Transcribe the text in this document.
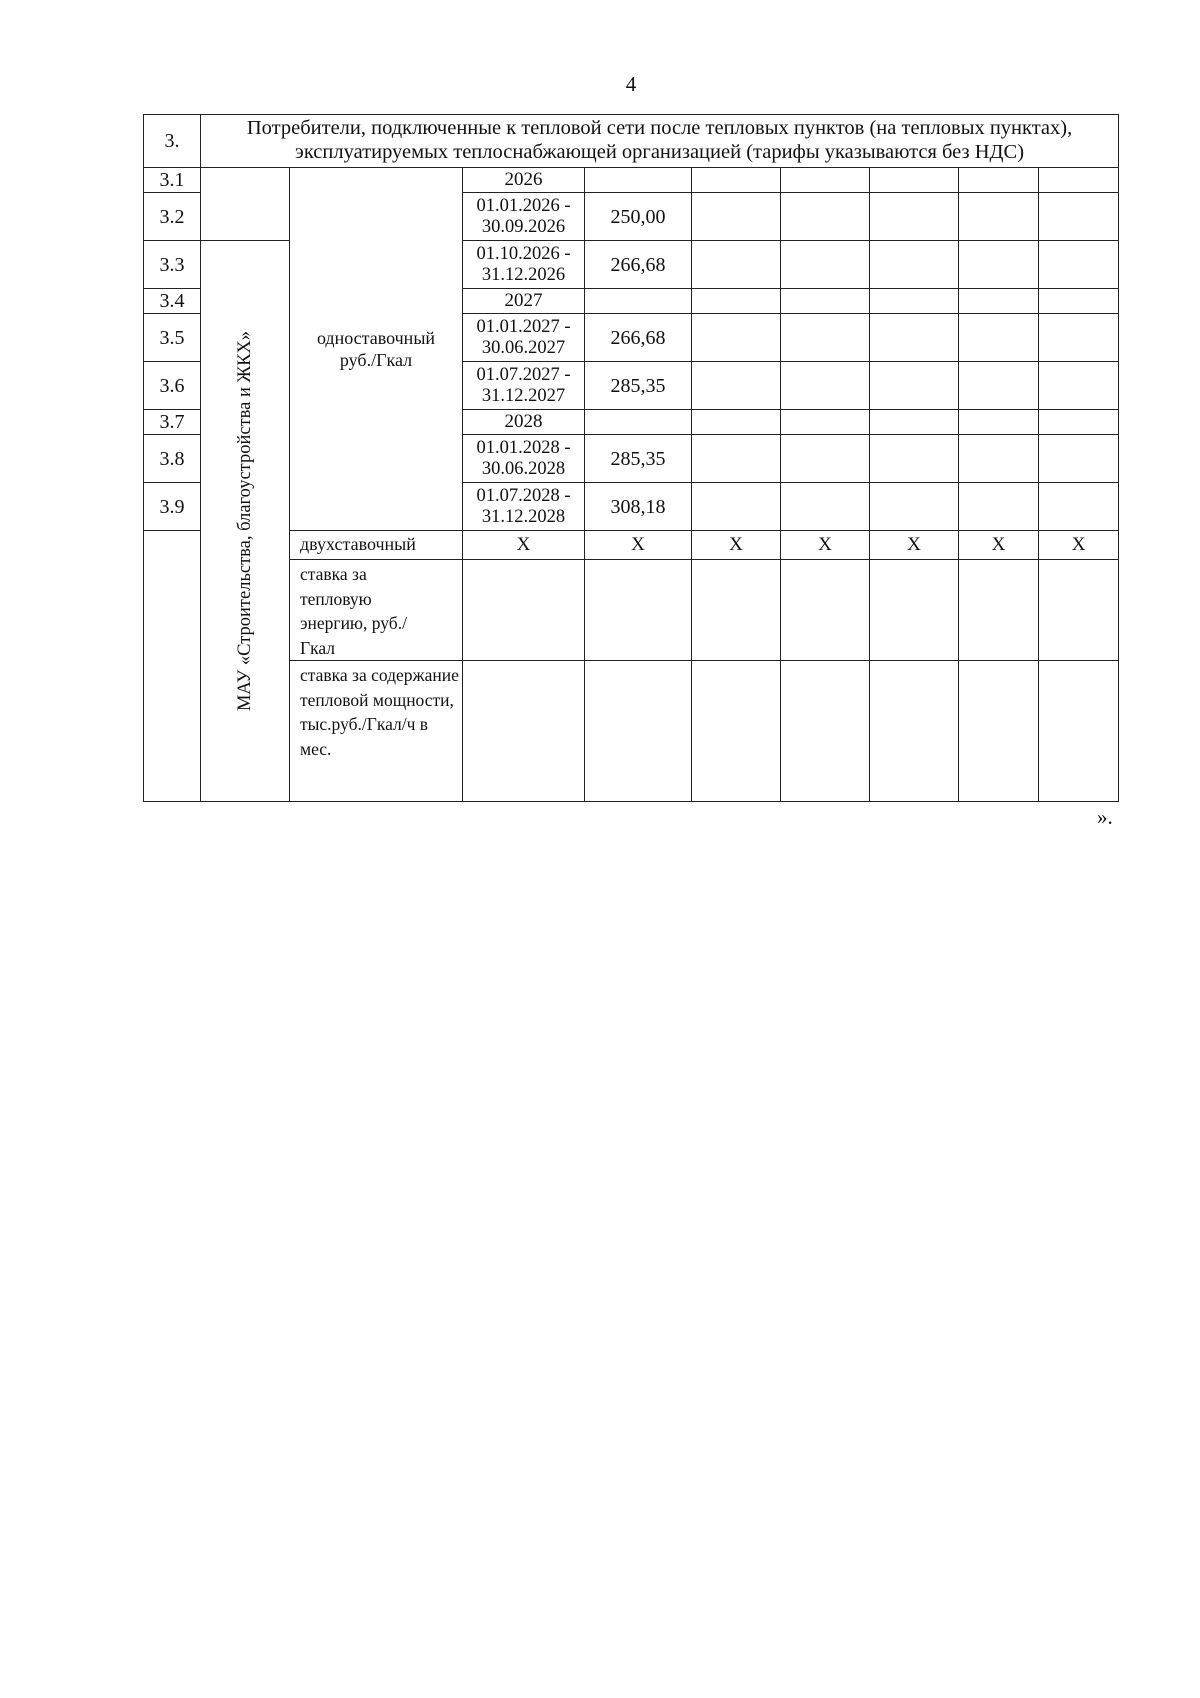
4
3.	Потребители, подключенные к тепловой сети после тепловых пунктов (на тепловых пунктах), эксплуатируемых теплоснабжающей организацией (тарифы указываются без НДС)								
3.1		одноставочный руб./Гкал	2026						
3.2			01.01.2026 - 30.09.2026	250,00					
3.3	МАУ «Строительства, благоустройства и ЖКХ»		01.10.2026 - 31.12.2026	266,68					
3.4			2027						
3.5			01.01.2027 - 30.06.2027	266,68					
3.6			01.07.2027 - 31.12.2027	285,35					
3.7			2028						
3.8			01.01.2028 - 30.06.2028	285,35					
3.9			01.07.2028 - 31.12.2028	308,18					
		двухставочный	Х	Х	Х	Х	Х	Х	Х

		ставка за тепловую энергию, руб./Гкал							

		ставка за содержание тепловой мощности, тыс.руб./Гкал/ч в мес.							

».
